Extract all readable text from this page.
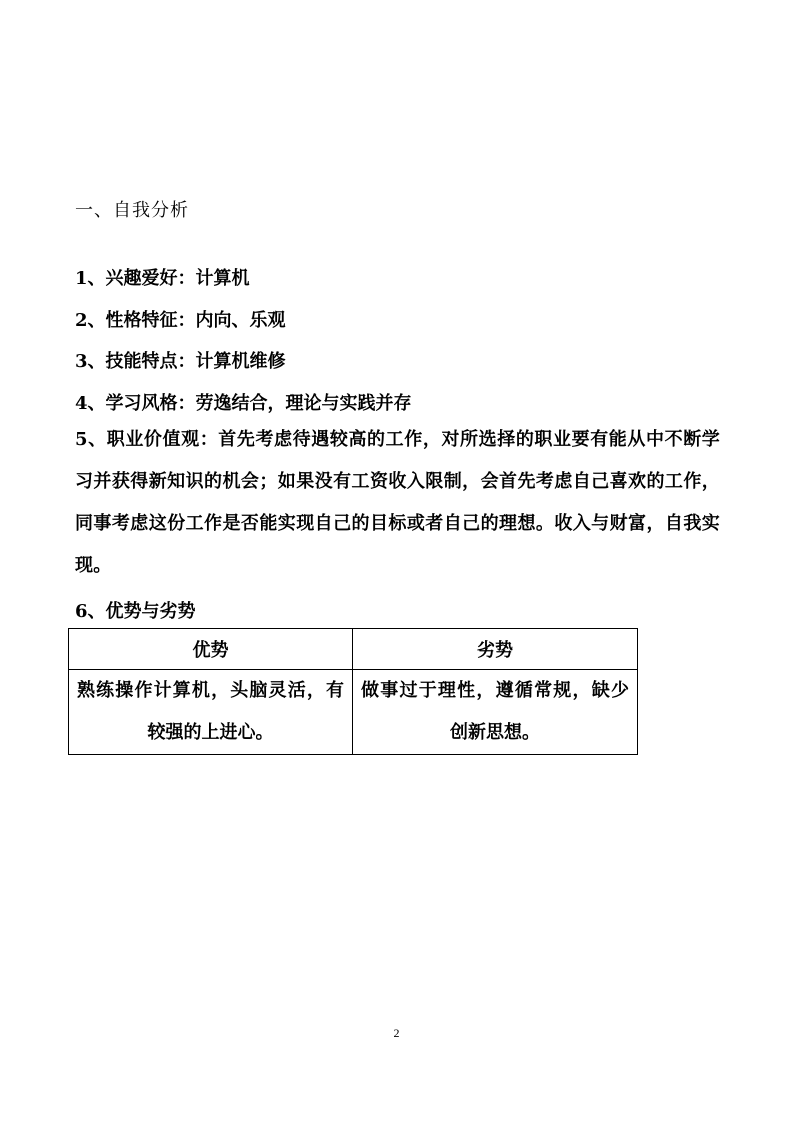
一、自我分析

1、兴趣爱好：计算机

2、性格特征：内向、乐观

3、技能特点：计算机维修

4、学习风格：劳逸结合，理论与实践并存

5、职业价值观：首先考虑待遇较高的工作，对所选择的职业要有能从中不断学习并获得新知识的机会；如果没有工资收入限制，会首先考虑自己喜欢的工作，同事考虑这份工作是否能实现自己的目标或者自己的理想。收入与财富，自我实现。

6、优势与劣势

优势	劣势
熟练操作计算机，头脑灵活，有较强的上进心。	做事过于理性，遵循常规，缺少创新思想。
2
